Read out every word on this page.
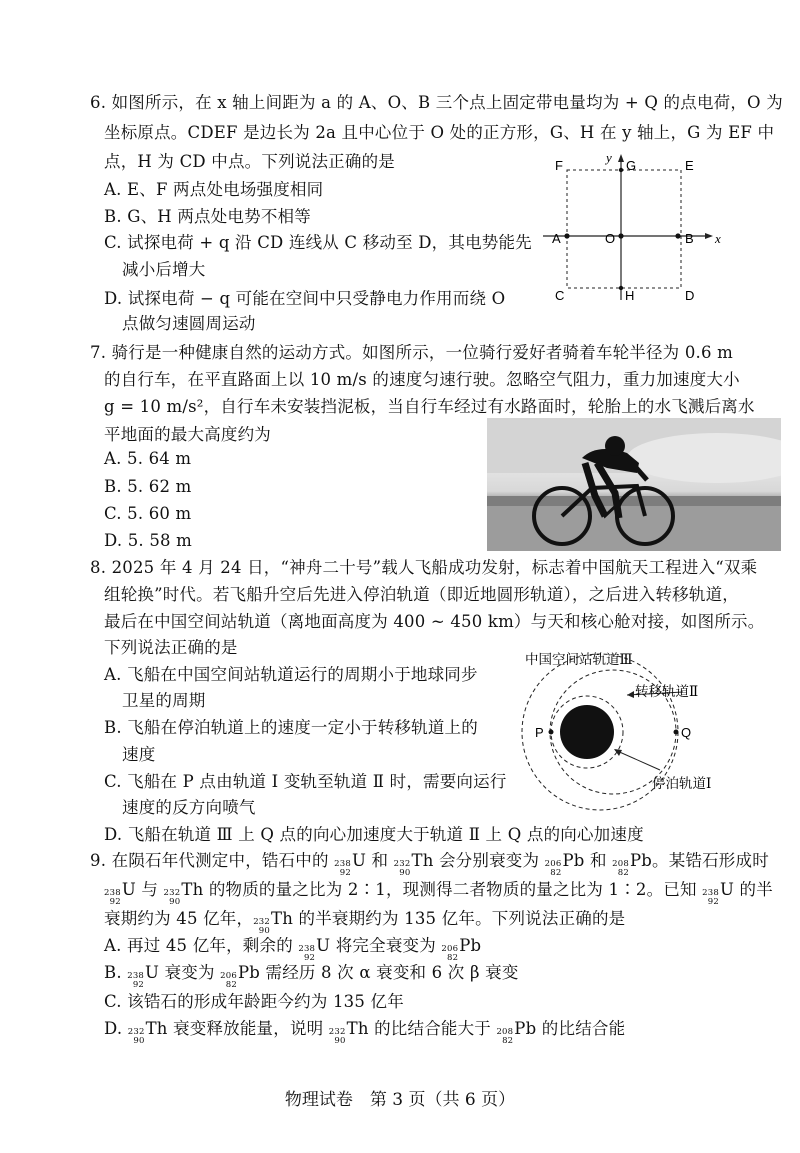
6. 如图所示，在 x 轴上间距为 a 的 A、O、B 三个点上固定带电量均为 + Q 的点电荷，O 为
坐标原点。CDEF 是边长为 2a 且中心位于 O 处的正方形，G、H 在 y 轴上，G 为 EF 中
点，H 为 CD 中点。下列说法正确的是
A. E、F 两点处电场强度相同
B. G、H 两点处电势不相等
C. 试探电荷 + q 沿 CD 连线从 C 移动至 D，其电势能先
减小后增大
D. 试探电荷 − q 可能在空间中只受静电力作用而绕 O
点做匀速圆周运动
F
y
G	E
A	O	B x
C	H	D
7. 骑行是一种健康自然的运动方式。如图所示，一位骑行爱好者骑着车轮半径为 0.6 m
的自行车，在平直路面上以 10 m/s 的速度匀速行驶。忽略空气阻力，重力加速度大小
g = 10 m/s²，自行车未安装挡泥板，当自行车经过有水路面时，轮胎上的水飞溅后离水
平地面的最大高度约为
A. 5. 64 m
B. 5. 62 m
C. 5. 60 m
D. 5. 58 m
8. 2025 年 4 月 24 日，“神舟二十号”载人飞船成功发射，标志着中国航天工程进入“双乘
组轮换”时代。若飞船升空后先进入停泊轨道（即近地圆形轨道），之后进入转移轨道，
最后在中国空间站轨道（离地面高度为 400 ~ 450 km）与天和核心舱对接，如图所示。
下列说法正确的是
A. 飞船在中国空间站轨道运行的周期小于地球同步
卫星的周期
B. 飞船在停泊轨道上的速度一定小于转移轨道上的
速度
C. 飞船在 P 点由轨道 Ⅰ 变轨至轨道 Ⅱ 时，需要向运行
速度的反方向喷气
D. 飞船在轨道 Ⅲ 上 Q 点的向心加速度大于轨道 Ⅱ 上 Q 点的向心加速度
中国空间站轨道Ⅲ
转移轨道Ⅱ
停泊轨道Ⅰ
P	Q
9. 在陨石年代测定中，锆石中的 238
92
U 和 232
90
Th 会分别衰变为 206
82
Pb 和 208
82
Pb。某锆石形成时
238
92
U 与 232
90
Th 的物质的量之比为 2∶1，现测得二者物质的量之比为 1∶2。已知 238
92
U 的半
衰期约为 45 亿年， 232
90
Th 的半衰期约为 135 亿年。下列说法正确的是
A. 再过 45 亿年，剩余的 238
92
U 将完全衰变为 206
82
Pb
B. 238
92
U 衰变为 206
82
Pb 需经历 8 次 α 衰变和 6 次 β 衰变
C. 该锆石的形成年龄距今约为 135 亿年
D. 232
90
Th 衰变释放能量，说明 232
90
Th 的比结合能大于 208
82
Pb 的比结合能
物理试卷　第 3 页（共 6 页）
